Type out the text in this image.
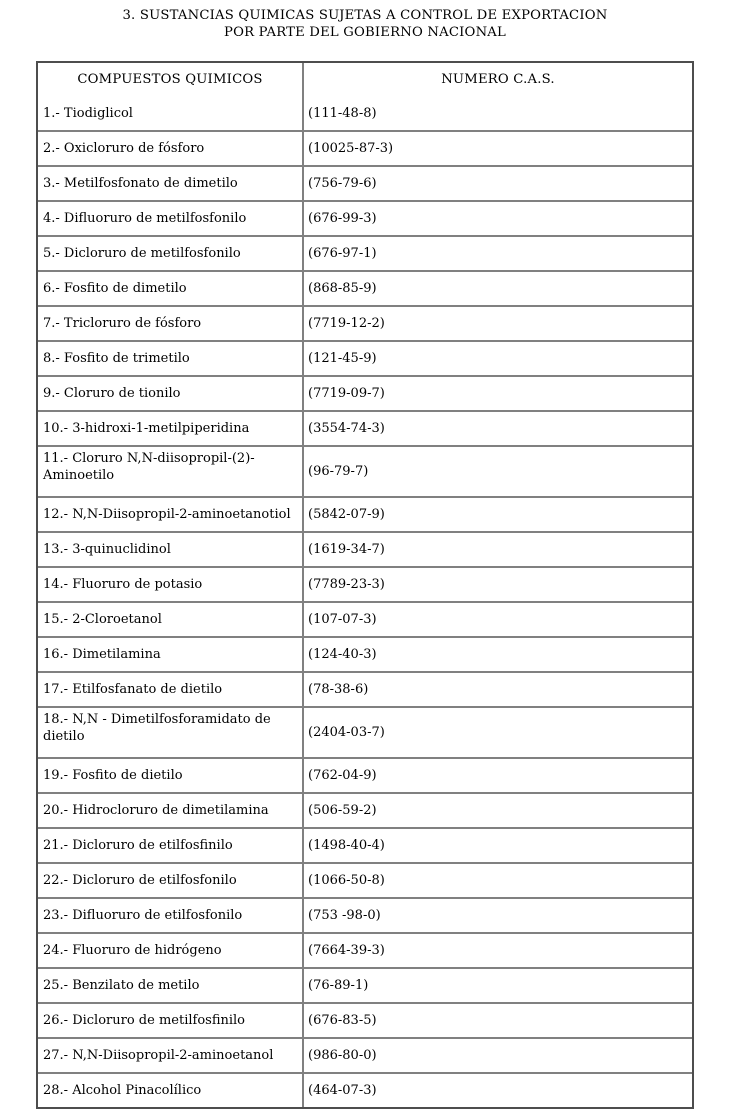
3. SUSTANCIAS QUIMICAS SUJETAS A CONTROL DE EXPORTACION
POR PARTE DEL GOBIERNO NACIONAL
COMPUESTOS QUIMICOS	NUMERO C.A.S.
1.- Tiodiglicol	(111-48-8)
2.- Oxicloruro de fósforo	(10025-87-3)
3.- Metilfosfonato de dimetilo	(756-79-6)
4.- Difluoruro de metilfosfonilo	(676-99-3)
5.- Dicloruro de metilfosfonilo	(676-97-1)
6.- Fosfito de dimetilo	(868-85-9)
7.- Tricloruro de fósforo	(7719-12-2)
8.- Fosfito de trimetilo	(121-45-9)
9.- Cloruro de tionilo	(7719-09-7)
10.- 3-hidroxi-1-metilpiperidina	(3554-74-3)
11.- Cloruro N,N-diisopropil-(2)-Aminoetilo	(96-79-7)
12.- N,N-Diisopropil-2-aminoetanotiol	(5842-07-9)
13.- 3-quinuclidinol	(1619-34-7)
14.- Fluoruro de potasio	(7789-23-3)
15.- 2-Cloroetanol	(107-07-3)
16.- Dimetilamina	(124-40-3)
17.- Etilfosfanato de dietilo	(78-38-6)
18.- N,N - Dimetilfosforamidato de dietilo	(2404-03-7)
19.- Fosfito de dietilo	(762-04-9)
20.- Hidrocloruro de dimetilamina	(506-59-2)
21.- Dicloruro de etilfosfinilo	(1498-40-4)
22.- Dicloruro de etilfosfonilo	(1066-50-8)
23.- Difluoruro de etilfosfonilo	(753 -98-0)
24.- Fluoruro de hidrógeno	(7664-39-3)
25.- Benzilato de metilo	(76-89-1)
26.- Dicloruro de metilfosfinilo	(676-83-5)
27.- N,N-Diisopropil-2-aminoetanol	(986-80-0)
28.- Alcohol Pinacolílico	(464-07-3)
